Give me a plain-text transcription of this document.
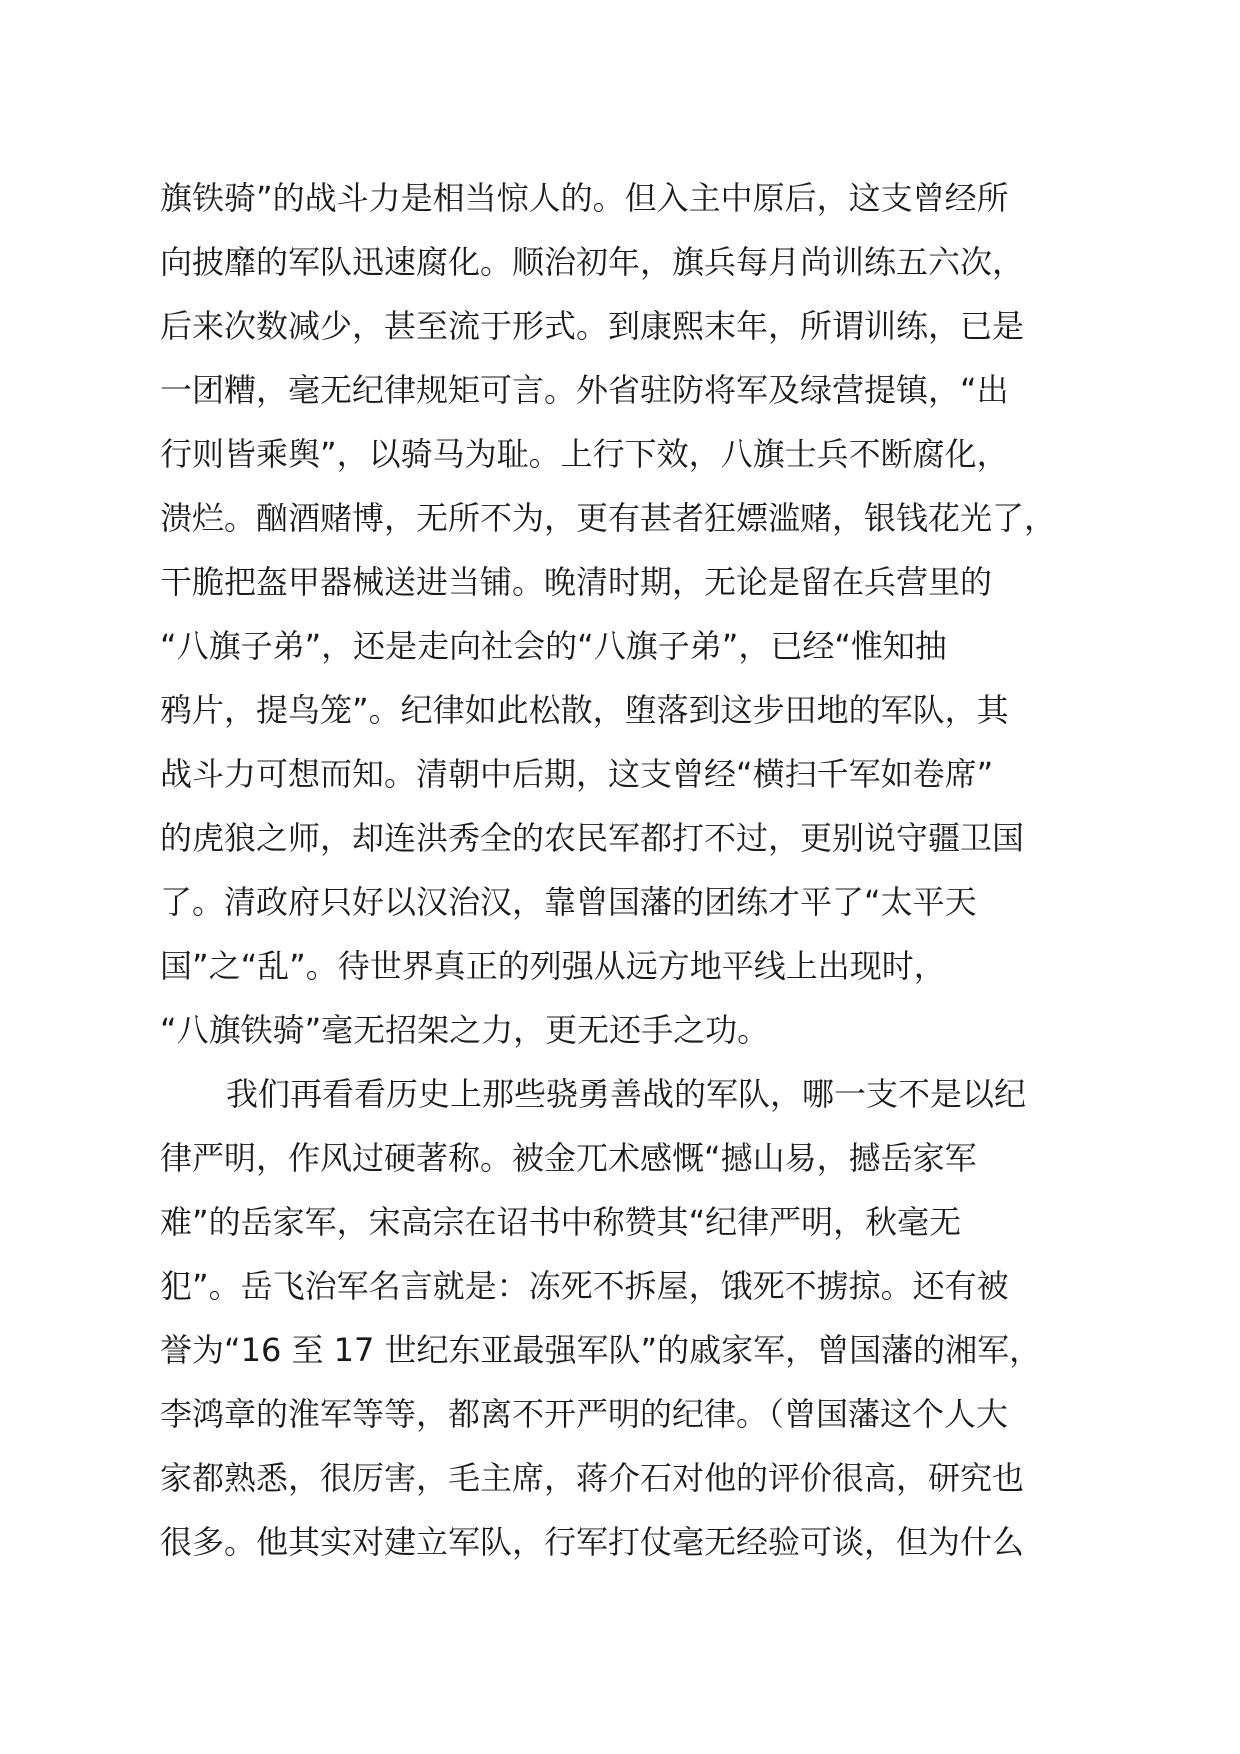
旗铁骑”的战斗力是相当惊人的。但入主中原后，这支曾经所
向披靡的军队迅速腐化。顺治初年，旗兵每月尚训练五六次，
后来次数减少，甚至流于形式。到康熙末年，所谓训练，已是
一团糟，毫无纪律规矩可言。外省驻防将军及绿营提镇，“出
行则皆乘舆”，以骑马为耻。上行下效，八旗士兵不断腐化，
溃烂。酗酒赌博，无所不为，更有甚者狂嫖滥赌，银钱花光了，
干脆把盔甲器械送进当铺。晚清时期，无论是留在兵营里的
“八旗子弟”，还是走向社会的“八旗子弟”，已经“惟知抽
鸦片，提鸟笼”。纪律如此松散，堕落到这步田地的军队，其
战斗力可想而知。清朝中后期，这支曾经“横扫千军如卷席”
的虎狼之师，却连洪秀全的农民军都打不过，更别说守疆卫国
了。清政府只好以汉治汉，靠曾国藩的团练才平了“太平天
国”之“乱”。待世界真正的列强从远方地平线上出现时，
“八旗铁骑”毫无招架之力，更无还手之功。
我们再看看历史上那些骁勇善战的军队，哪一支不是以纪
律严明，作风过硬著称。被金兀术感慨“撼山易，撼岳家军
难”的岳家军，宋高宗在诏书中称赞其“纪律严明，秋毫无
犯”。岳飞治军名言就是：冻死不拆屋，饿死不掳掠。还有被
誉为“16 至 17 世纪东亚最强军队”的戚家军，曾国藩的湘军，
李鸿章的淮军等等，都离不开严明的纪律。（曾国藩这个人大
家都熟悉，很厉害，毛主席，蒋介石对他的评价很高，研究也
很多。他其实对建立军队，行军打仗毫无经验可谈，但为什么
